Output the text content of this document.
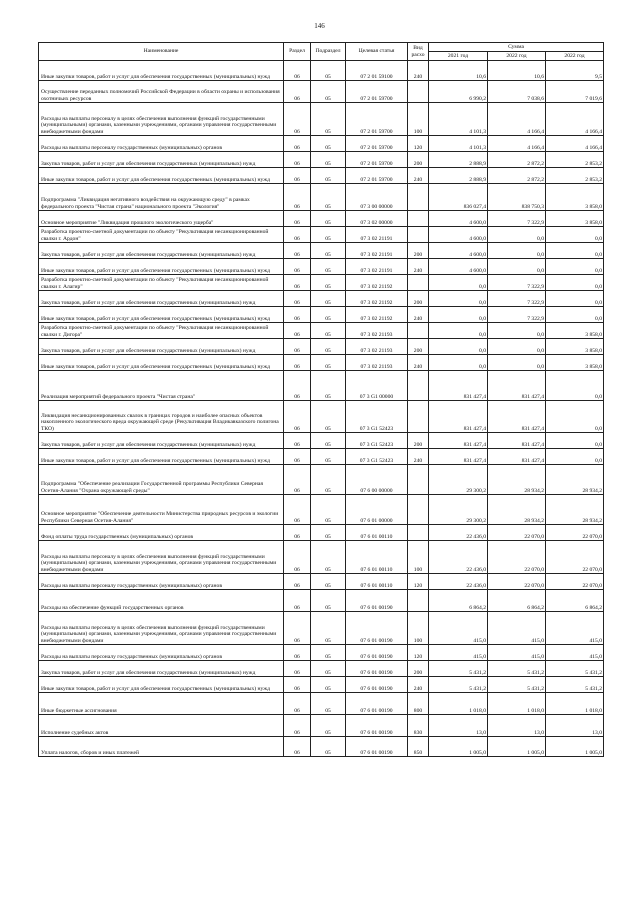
146
Наименование	Раздел	Подраздел	Целевая статья	Вид расхо	Сумма		
					2021 год	2022 год	2022 год
Иные закупки товаров, работ и услуг для обеспечения государственных (муниципальных) нужд	06	05	07 2 01 59100	240	10,6	10,6	9,5
Осуществление переданных полномочий Российской Федерации в области охраны и использования охотничьих ресурсов	06	05	07 2 01 59700		6 990,2	7 038,6	7 019,6
Расходы на выплаты персоналу в целях обеспечения выполнения функций государственными (муниципальными) органами, казенными учреждениями, органами управления государственными внебюджетными фондами	06	05	07 2 01 59700	100	4 101,3	4 166,4	4 166,4
Расходы на выплаты персоналу государственных (муниципальных) органов	06	05	07 2 01 59700	120	4 101,3	4 166,4	4 166,4
Закупка товаров, работ и услуг для обеспечения государственных (муниципальных) нужд	06	05	07 2 01 59700	200	2 888,9	2 872,2	2 853,2
Иные закупки товаров, работ и услуг для обеспечения государственных (муниципальных) нужд	06	05	07 2 01 59700	240	2 888,9	2 872,2	2 853,2
Подпрограмма "Ликвидация негативного воздействия на окружающую среду" в рамках федерального проекта "Чистая страна" национального проекта "Экология"	06	05	07 3 00 00000		836 027,4	838 750,3	3 858,0
Основное мероприятие "Ликвидация прошлого экологического ущерба"	06	05	07 3 02 00000		4 600,0	7 322,9	3 858,0
Разработка проектно-сметной документации по объекту "Рекультивация несанкционированной свалки г. Ардон"	06	05	07 3 02 21191		4 600,0	0,0	0,0
Закупка товаров, работ и услуг для обеспечения государственных (муниципальных) нужд	06	05	07 3 02 21191	200	4 600,0	0,0	0,0
Иные закупки товаров, работ и услуг для обеспечения государственных (муниципальных) нужд	06	05	07 3 02 21191	240	4 600,0	0,0	0,0
Разработка проектно-сметной документации по объекту "Рекультивация несанкционированной свалки г. Алагир"	06	05	07 3 02 21192		0,0	7 322,9	0,0
Закупка товаров, работ и услуг для обеспечения государственных (муниципальных) нужд	06	05	07 3 02 21192	200	0,0	7 322,9	0,0
Иные закупки товаров, работ и услуг для обеспечения государственных (муниципальных) нужд	06	05	07 3 02 21192	240	0,0	7 322,9	0,0
Разработка проектно-сметной документации по объекту "Рекультивация несанкционированной свалки г. Дигора"	06	05	07 3 02 21193		0,0	0,0	3 858,0
Закупка товаров, работ и услуг для обеспечения государственных (муниципальных) нужд	06	05	07 3 02 21193	200	0,0	0,0	3 858,0
Иные закупки товаров, работ и услуг для обеспечения государственных (муниципальных) нужд	06	05	07 3 02 21193	240	0,0	0,0	3 858,0
Реализация мероприятий федерального проекта "Чистая страна"	06	05	07 3 G1 00000		831 427,4	831 427,4	0,0
Ликвидация несанкционированных свалок в границах городов и наиболее опасных объектов накопленного экологического вреда окружающей среде (Рекультивация Владикавказского полигона ТКО)	06	05	07 3 G1 52423		831 427,4	831 427,4	0,0
Закупка товаров, работ и услуг для обеспечения государственных (муниципальных) нужд	06	05	07 3 G1 52423	200	831 427,4	831 427,4	0,0
Иные закупки товаров, работ и услуг для обеспечения государственных (муниципальных) нужд	06	05	07 3 G1 52423	240	831 427,4	831 427,4	0,0
Подпрограмма "Обеспечение реализации Государственной программы Республики Северная Осетия-Алания "Охрана окружающей среды"	06	05	07 6 00 00000		29 300,2	28 934,2	28 934,2
Основное мероприятие "Обеспечение деятельности Министерства природных ресурсов и экологии Республики Северная Осетия-Алания"	06	05	07 6 01 00000		29 300,2	28 934,2	28 934,2
Фонд оплаты труда государственных (муниципальных) органов	06	05	07 6 01 00110		22 436,0	22 070,0	22 070,0
Расходы на выплаты персоналу в целях обеспечения выполнения функций государственными (муниципальными) органами, казенными учреждениями, органами управления государственными внебюджетными фондами	06	05	07 6 01 00110	100	22 436,0	22 070,0	22 070,0
Расходы на выплаты персоналу государственных (муниципальных) органов	06	05	07 6 01 00110	120	22 436,0	22 070,0	22 070,0
Расходы на обеспечение функций государственных органов	06	05	07 6 01 00190		6 864,2	6 864,2	6 864,2
Расходы на выплаты персоналу в целях обеспечения выполнения функций государственными (муниципальными) органами, казенными учреждениями, органами управления государственными внебюджетными фондами	06	05	07 6 01 00190	100	415,0	415,0	415,0
Расходы на выплаты персоналу государственных (муниципальных) органов	06	05	07 6 01 00190	120	415,0	415,0	415,0
Закупка товаров, работ и услуг для обеспечения государственных (муниципальных) нужд	06	05	07 6 01 00190	200	5 431,2	5 431,2	5 431,2
Иные закупки товаров, работ и услуг для обеспечения государственных (муниципальных) нужд	06	05	07 6 01 00190	240	5 431,2	5 431,2	5 431,2
Иные бюджетные ассигнования	06	05	07 6 01 00190	800	1 018,0	1 018,0	1 018,0
Исполнение судебных актов	06	05	07 6 01 00190	830	13,0	13,0	13,0
Уплата налогов, сборов и иных платежей	06	05	07 6 01 00190	850	1 005,0	1 005,0	1 005,0
